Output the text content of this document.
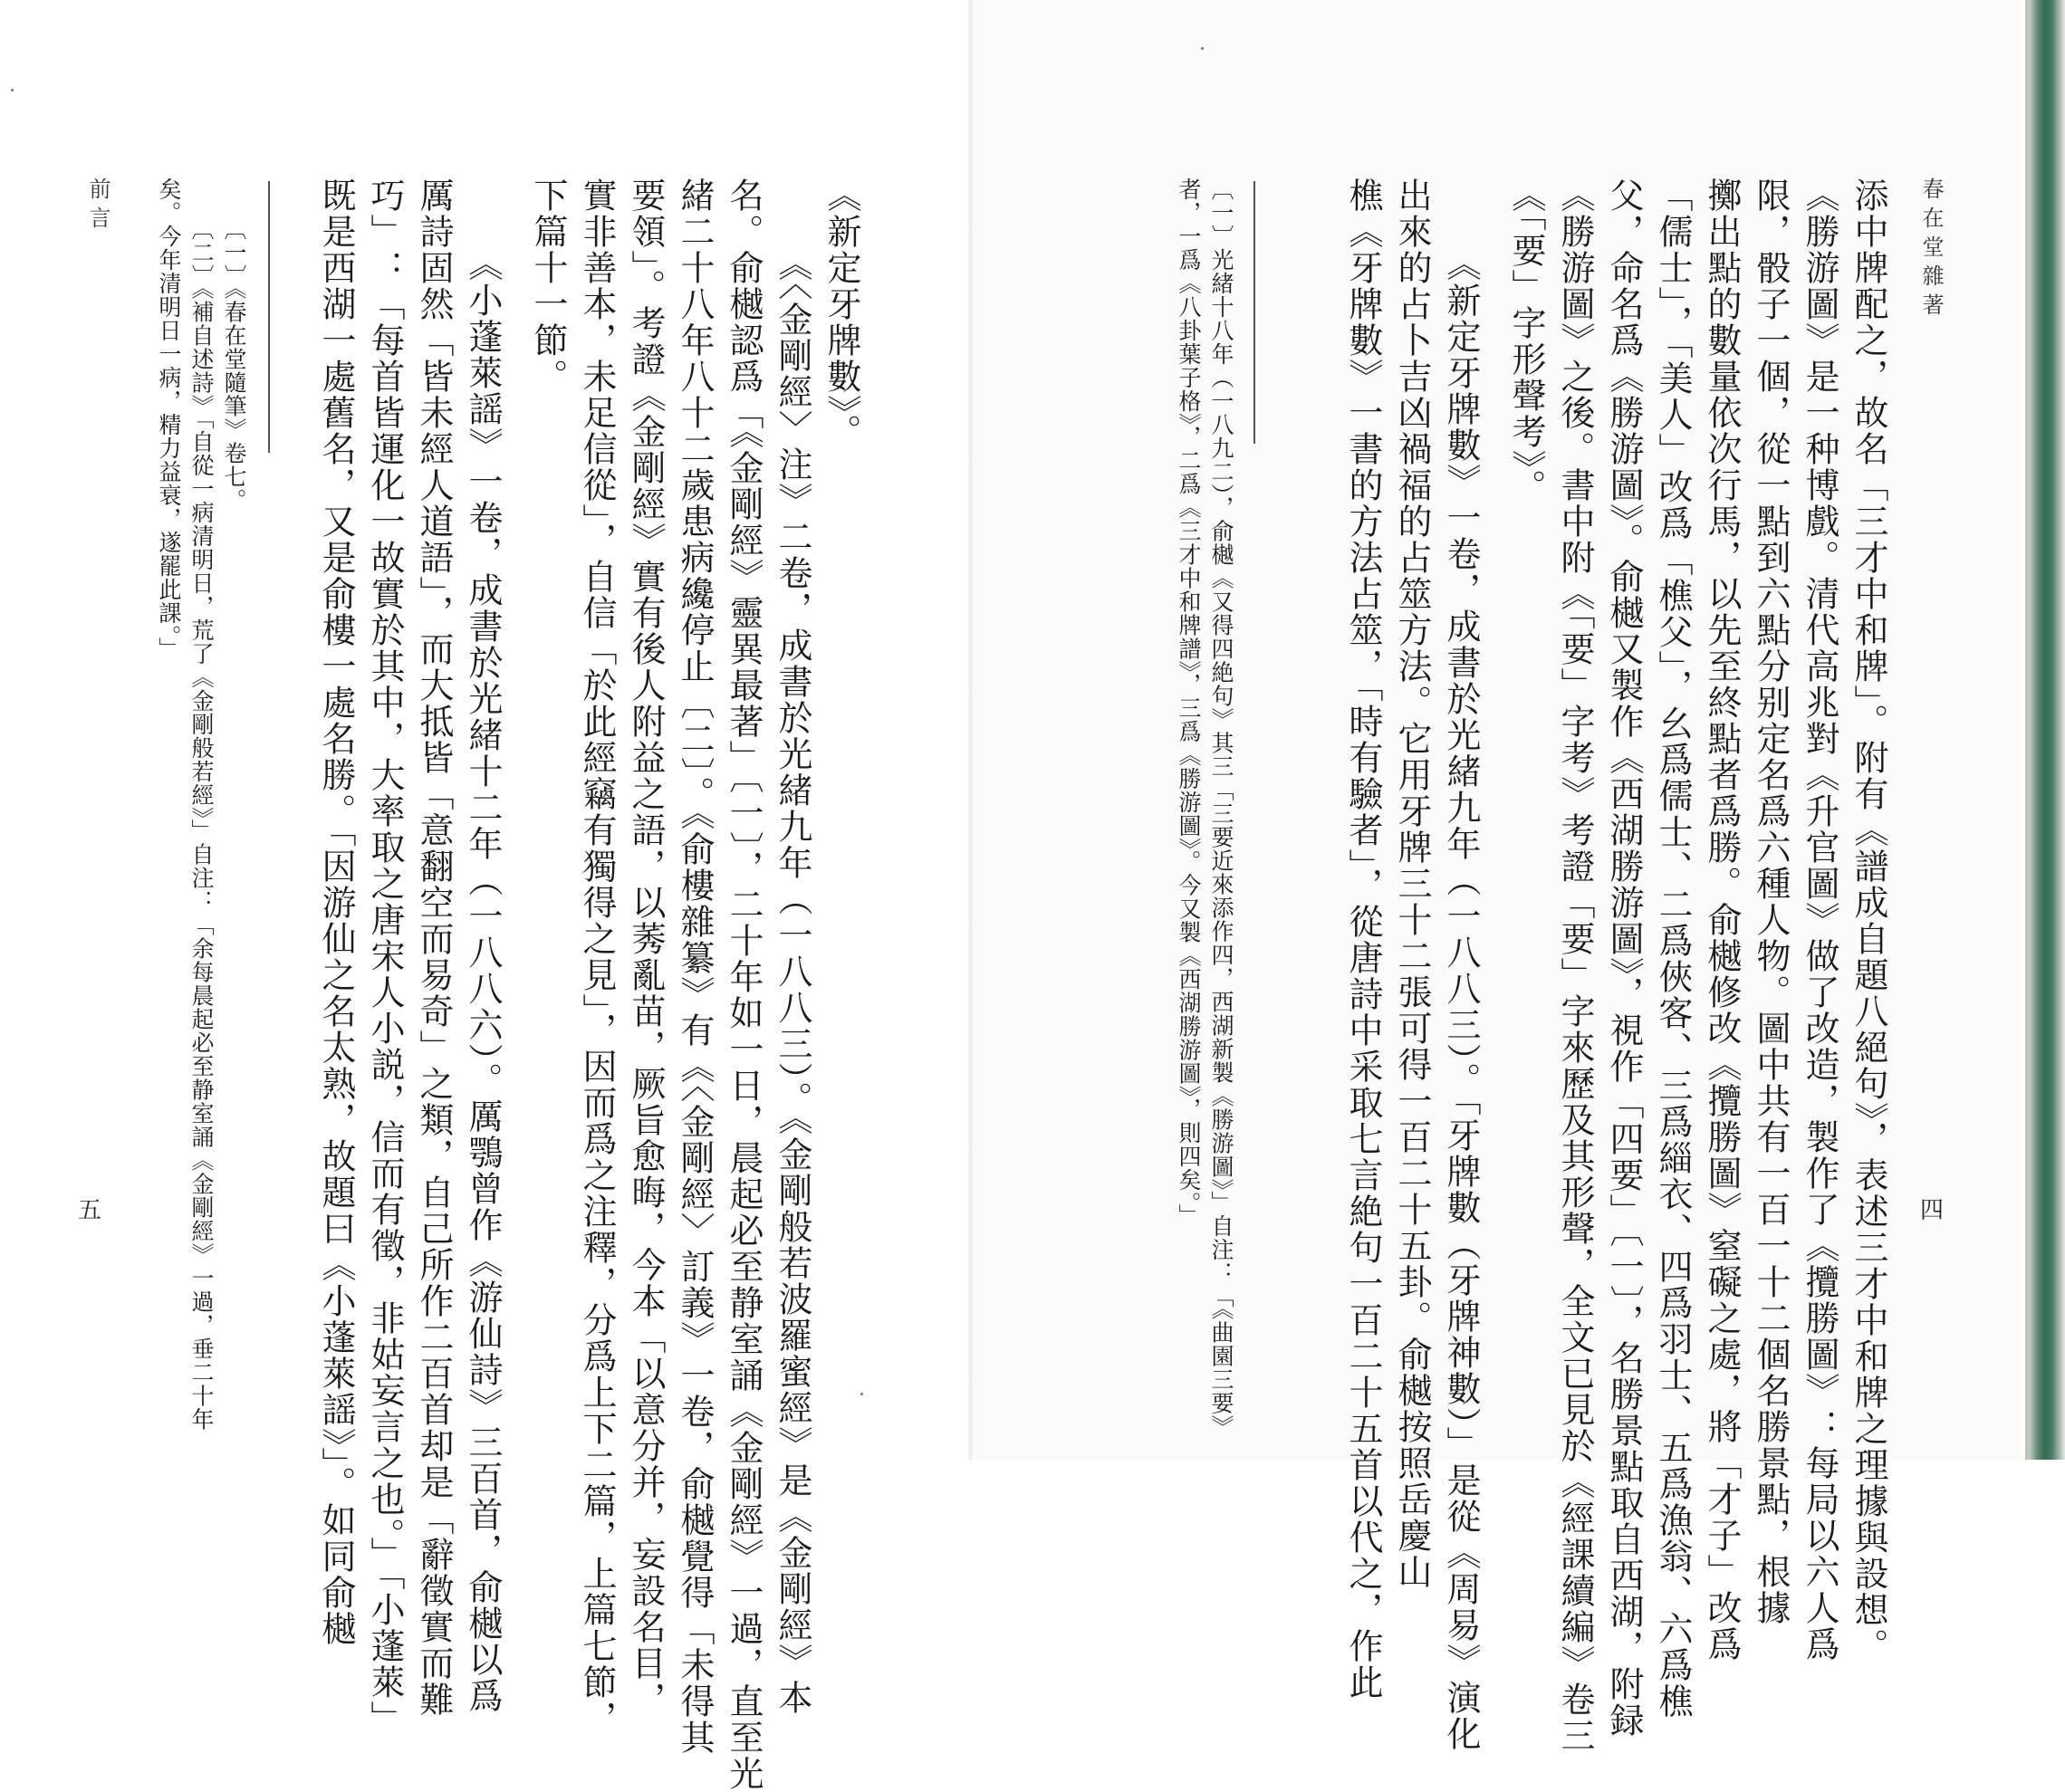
春在堂雜著
添中牌配之，故名「三才中和牌」。附有《譜成自題八絕句》，表述三才中和牌之理據與設想。
《勝游圖》是一种博戲。清代高兆對《升官圖》做了改造，製作了《攬勝圖》：每局以六人爲
限，骰子一個，從一點到六點分别定名爲六種人物。圖中共有一百一十二個名勝景點，根據
擲出點的數量依次行馬，以先至終點者爲勝。俞樾修改《攬勝圖》窒礙之處，將「才子」改爲
「儒士」，「美人」改爲「樵父」，幺爲儒士、二爲俠客、三爲緇衣、四爲羽士、五爲漁翁、六爲樵
父，命名爲《勝游圖》。俞樾又製作《西湖勝游圖》，視作「四要」〔一〕，名勝景點取自西湖，附録
《勝游圖》之後。書中附《「要」字考》考證「要」字來歷及其形聲，全文已見於《經課續編》卷三
《「要」字形聲考》。
《新定牙牌數》一卷，成書於光緒九年（一八八三）。「牙牌數（牙牌神數）」是從《周易》演化
出來的占卜吉凶禍福的占筮方法。它用牙牌三十二張可得一百二十五卦。俞樾按照岳慶山
樵《牙牌數》一書的方法占筮，「時有驗者」，從唐詩中采取七言絶句一百二十五首以代之，作此
〔一〕光緒十八年（一八九二），俞樾《又得四絶句》其三「三要近來添作四，西湖新製《勝游圖》」自注：「《曲園三要》
者，一爲《八卦葉子格》，二爲《三才中和牌譜》，三爲《勝游圖》。今又製《西湖勝游圖》，則四矣。」	四
《新定牙牌數》。
《〈金剛經〉注》二卷，成書於光緒九年（一八八三）。《金剛般若波羅蜜經》是《金剛經》本
名。俞樾認爲「《金剛經》靈異最著」〔一〕，二十年如一日，晨起必至静室誦《金剛經》一過，直至光
緒二十八年八十二歲患病纔停止〔二〕。《俞樓雜纂》有《〈金剛經〉訂義》一卷，俞樾覺得「未得其
要領」。考證《金剛經》實有後人附益之語，以莠亂苗，厥旨愈晦，今本「以意分并，妄設名目，
實非善本，未足信從」，自信「於此經竊有獨得之見」，因而爲之注釋，分爲上下二篇，上篇七節，
下篇十一節。
《小蓬萊謡》一卷，成書於光緒十二年（一八八六）。厲鶚曾作《游仙詩》三百首，俞樾以爲
厲詩固然「皆未經人道語」，而大抵皆「意翻空而易奇」之類，自己所作二百首却是「辭徵實而難
巧」：「每首皆運化一故實於其中，大率取之唐宋人小説，信而有徵，非姑妄言之也。」「小蓬萊」
既是西湖一處舊名，又是俞樓一處名勝。「因游仙之名太熟，故題曰《小蓬萊謡》」。如同俞樾
〔一〕《春在堂隨筆》卷七。
〔二〕《補自述詩》「自從一病清明日，荒了《金剛般若經》」自注：「余每晨起必至静室誦《金剛經》一過，垂二十年
矣。今年清明日一病，精力益衰，遂罷此課。」
前言
五
